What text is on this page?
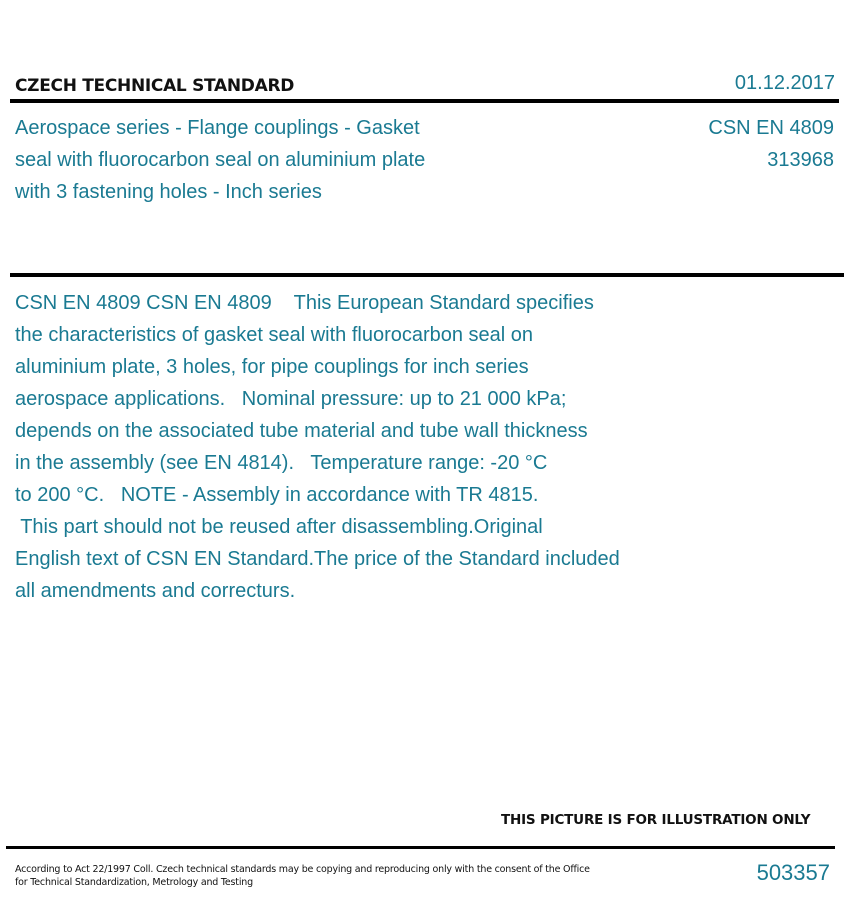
CZECH TECHNICAL STANDARD	01.12.2017
Aerospace series - Flange couplings - Gasket
seal with fluorocarbon seal on aluminium plate
with 3 fastening holes - Inch series
CSN EN 4809
313968
CSN EN 4809 CSN EN 4809    This European Standard specifies
the characteristics of gasket seal with fluorocarbon seal on
aluminium plate, 3 holes, for pipe couplings for inch series
aerospace applications.   Nominal pressure: up to 21 000 kPa;
depends on the associated tube material and tube wall thickness
in the assembly (see EN 4814).   Temperature range: -20 °C
to 200 °C.   NOTE - Assembly in accordance with TR 4815.
This part should not be reused after disassembling.Original
English text of CSN EN Standard.The price of the Standard included
all amendments and correcturs.
THIS PICTURE IS FOR ILLUSTRATION ONLY
According to Act 22/1997 Coll. Czech technical standards may be copying and reproducing only with the consent of the Office
for Technical Standardization, Metrology and Testing	503357
